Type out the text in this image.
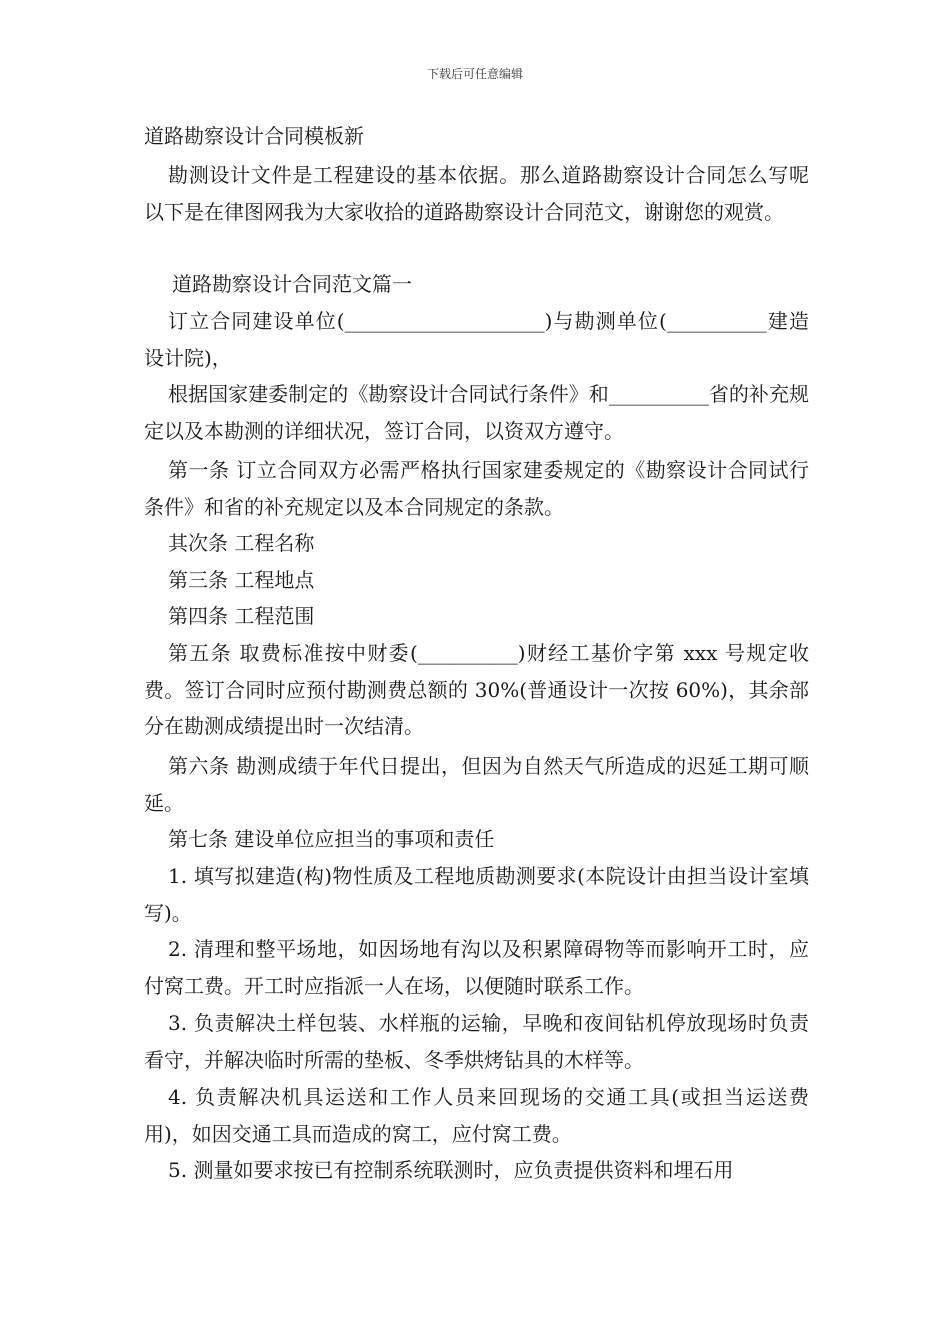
下载后可任意编辑
道路勘察设计合同模板新

勘测设计文件是工程建设的基本依据。那么道路勘察设计合同怎么写呢 以下是在律图网我为大家收拾的道路勘察设计合同范文，谢谢您的观赏。

道路勘察设计合同范文篇一

订立合同建设单位(____________________)与勘测单位(__________建造设计院)，

根据国家建委制定的《勘察设计合同试行条件》和__________省的补充规定以及本勘测的详细状况，签订合同，以资双方遵守。

第一条 订立合同双方必需严格执行国家建委规定的《勘察设计合同试行条件》和省的补充规定以及本合同规定的条款。

其次条 工程名称

第三条 工程地点

第四条 工程范围

第五条 取费标准按中财委(__________)财经工基价字第 xxx 号规定收费。签订合同时应预付勘测费总额的 30%(普通设计一次按 60%)，其余部分在勘测成绩提出时一次结清。

第六条 勘测成绩于年代日提出，但因为自然天气所造成的迟延工期可顺延。

第七条 建设单位应担当的事项和责任

1. 填写拟建造(构)物性质及工程地质勘测要求(本院设计由担当设计室填写)。

2. 清理和整平场地，如因场地有沟以及积累障碍物等而影响开工时，应付窝工费。开工时应指派一人在场，以便随时联系工作。

3. 负责解决土样包装、水样瓶的运输，早晚和夜间钻机停放现场时负责看守，并解决临时所需的垫板、冬季烘烤钻具的木样等。

4. 负责解决机具运送和工作人员来回现场的交通工具(或担当运送费用)，如因交通工具而造成的窝工，应付窝工费。

5. 测量如要求按已有控制系统联测时，应负责提供资料和埋石用
